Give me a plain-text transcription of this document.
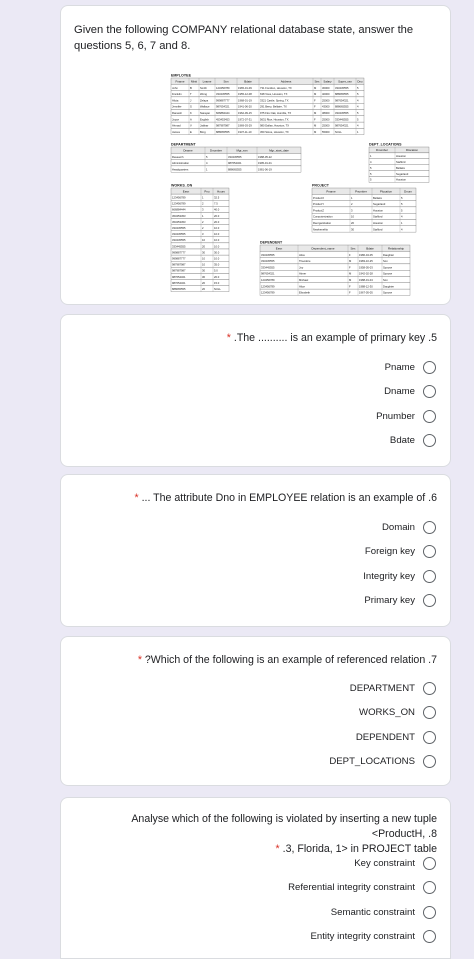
Given the following COMPANY relational database state, answer the questions 5, 6, 7 and 8.
EMPLOYEE
Fname Minit Lname	Ssn	Bdate	Address	Sex Salary Super_ssn Dno
John	B	Smith	123456789	1965-01-09	731 Fondren, Houston, TX	M 30000 333445555	5
Franklin	T	Wong	333445555	1955-12-08	638 Voss, Houston, TX	M 40000 888665555	5
Alicia	J	Zelaya	999887777	1968-01-19	3321 Castle, Spring, TX	F 25000 987654321	4
Jennifer	S	Wallace 987654321	1941-06-20	291 Berry, Bellaire, TX	F 43000 888665555	4
Ramesh	K	Narayan 666884444	1962-09-15	975 Fire Oak, Humble, TX	M 38000 333445555	5
Joyce	A	English	453453453	1972-07-31	5631 Rice, Houston, TX	F 25000 333445555	5
Ahmad	V	Jabbar	987987987	1969-03-29	980 Dallas, Houston, TX	M 25000 987654321	4
James	E	Borg	888665555	1937-11-10	450 Stone, Houston, TX	M 55000 NULL	1
DEPARTMENT
Dname	Dnumber	Mgr_ssn	Mgr_start_date
Research	5	333445555	1988-05-22
Administration	4	987654321	1995-01-01
Headquarters	1	888665555	1981-06-19
DEPT_LOCATIONS
Dnumber	Dlocation
1	Houston
4	Stafford
5	Bellaire
5	Sugarland
5	Houston
WORKS_ON
Essn	Pno	Hours
123456789	1	32.5
123456789	2	7.5
666884444	3	40.0
453453453	1	20.0
453453453	2	20.0
333445555	2	10.0
333445555	3	10.0
333445555	10	10.0
333445555	20	10.0
999887777	30	30.0
999887777	10	10.0
987987987	10	35.0
987987987	30	5.0
987654321	30	20.0
987654321	20	15.0
888665555	20	NULL
PROJECT
Pname	Pnumber	Plocation	Dnum
ProductX	1	Bellaire	5
ProductY	2	Sugarland	5
ProductZ	3	Houston	5
Computerization	10	Stafford	4
Reorganization	20	Houston	1
Newbenefits	30	Stafford	4
DEPENDENT
Essn	Dependent_name	Sex	Bdate	Relationship
333445555	Alice	F	1986-04-05	Daughter
333445555	Theodore	M	1983-10-25	Son
333445555	Joy	F	1958-05-03	Spouse
987654321	Abner	M	1942-02-28	Spouse
123456789	Michael	M	1988-01-04	Son
123456789	Alice	F	1988-12-30	Daughter
123456789	Elizabeth	F	1967-05-05	Spouse
* .The .......... is an example of primary key .5
Pname
Dname
Pnumber
Bdate
* ... The attribute Dno in EMPLOYEE relation is an example of .6
Domain
Foreign key
Integrity key
Primary key
* ?Which of the following is an example of referenced relation .7
DEPARTMENT
WORKS_ON
DEPENDENT
DEPT_LOCATIONS
Analyse which of the following is violated by inserting a new tuple <ProductH, .8
* .3, Florida, 1> in PROJECT table
Key constraint
Referential integrity constraint
Semantic constraint
Entity integrity constraint
